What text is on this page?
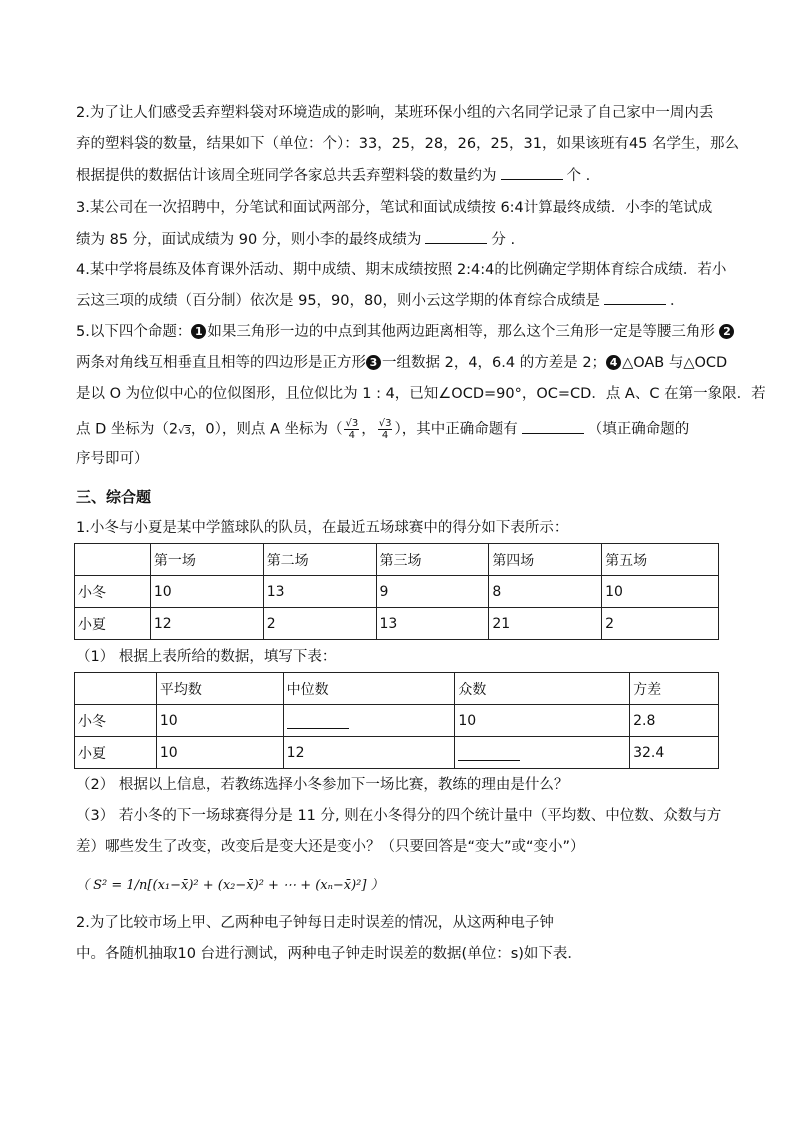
2.为了让人们感受丢弃塑料袋对环境造成的影响，某班环保小组的六名同学记录了自己家中一周内丢
弃的塑料袋的数量，结果如下（单位：个）：33，25，28，26，25，31，如果该班有45 名学生，那么
根据提供的数据估计该周全班同学各家总共丢弃塑料袋的数量约为	个 .
3.某公司在一次招聘中，分笔试和面试两部分，笔试和面试成绩按 6:4计算最终成绩．小李的笔试成
绩为 85 分，面试成绩为 90 分，则小李的最终成绩为	分 .
4.某中学将晨练及体育课外活动、期中成绩、期末成绩按照 2:4:4的比例确定学期体育综合成绩．若小
云这三项的成绩（百分制）依次是 95，90，80，则小云这学期的体育综合成绩是	．
5.以下四个命题： 1 如果三角形一边的中点到其他两边距离相等，那么这个三角形一定是等腰三角形 2
两条对角线互相垂直且相等的四边形是正方形 3 一组数据 2，4，6.4 的方差是 2； 4 △OAB 与△OCD
是以 O 为位似中心的位似图形，且位似比为 1 : 4，已知∠OCD=90°，OC=CD．点 A、C 在第一象限．若
点 D 坐标为（2√3，0），则点 A 坐标为（ $\frac{√3}{4}$ ， $\frac{√3}{4}$ ），其中正确命题有	（填正确命题的
序号即可）
三、综合题
1.小冬与小夏是某中学篮球队的队员，在最近五场球赛中的得分如下表所示：
	第一场	第二场	第三场	第四场	第五场
小冬	10	13	9	8	10
小夏	12	2	13	21	2
（1） 根据上表所给的数据，填写下表：
	平均数	中位数	众数	方差
小冬	10		10	2.8
小夏	10	12		32.4
（2） 根据以上信息，若教练选择小冬参加下一场比赛，教练的理由是什么？
（3） 若小冬的下一场球赛得分是 11 分, 则在小冬得分的四个统计量中（平均数、中位数、众数与方
差）哪些发生了改变，改变后是变大还是变小？（只要回答是“变大”或“变小”）
（ S² = 1/n[(x₁−x̄)² + (x₂−x̄)² + ⋯ + (xₙ−x̄)²] ）
2.为了比较市场上甲、乙两种电子钟每日走时误差的情况，从这两种电子钟
中。各随机抽取10 台进行测试，两种电子钟走时误差的数据(单位：s)如下表．
